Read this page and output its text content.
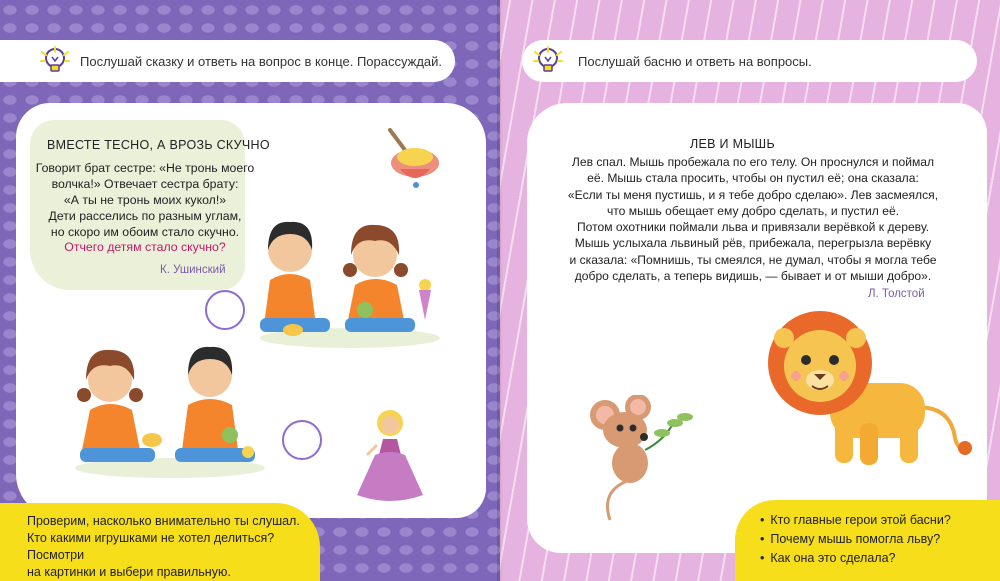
Послушай сказку и ответь на вопрос в конце. Порассуждай.
ВМЕСТЕ ТЕСНО, А ВРОЗЬ СКУЧНО
Говорит брат сестре: «Не тронь моего
волчка!» Отвечает сестра брату:
«А ты не тронь моих кукол!»
Дети расселись по разным углам,
но скоро им обоим стало скучно.
Отчего детям стало скучно?
К. Ушинский
Проверим, насколько внимательно ты слушал.
Кто какими игрушками не хотел делиться? Посмотри
на картинки и выбери правильную.
Послушай басню и ответь на вопросы.
ЛЕВ И МЫШЬ
Лев спал. Мышь пробежала по его телу. Он проснулся и поймал
её. Мышь стала просить, чтобы он пустил её; она сказала:
«Если ты меня пустишь, и я тебе добро сделаю». Лев засмеялся,
что мышь обещает ему добро сделать, и пустил её.
Потом охотники поймали льва и привязали верёвкой к дереву.
Мышь услыхала львиный рёв, прибежала, перегрызла верёвку
и сказала: «Помнишь, ты смеялся, не думал, чтобы я могла тебе
добро сделать, а теперь видишь, — бывает и от мыши добро».
Л. Толстой
• Кто главные герои этой басни?
• Почему мышь помогла льву?
• Как она это сделала?
